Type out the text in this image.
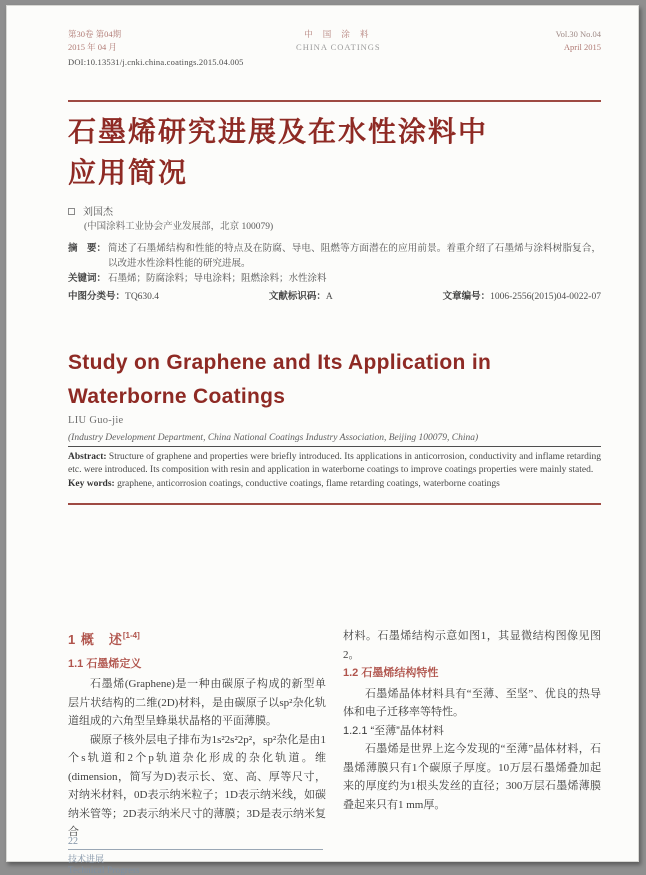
第30卷 第04期
2015 年 04 月
中 国 涂 料
CHINA COATINGS
Vol.30 No.04
April 2015
DOI:10.13531/j.cnki.china.coatings.2015.04.005
石墨烯研究进展及在水性涂料中
应用简况
刘国杰
(中国涂料工业协会产业发展部，北京 100079)
摘　要： 简述了石墨烯结构和性能的特点及在防腐、导电、阻燃等方面潜在的应用前景。着重介绍了石墨烯与涂料树脂复合，以改进水性涂料性能的研究进展。
关键词： 石墨烯；防腐涂料；导电涂料；阻燃涂料；水性涂料
中图分类号：TQ630.4	文献标识码：A	文章编号：1006-2556(2015)04-0022-07
Study on Graphene and Its Application in
Waterborne Coatings
LIU Guo-jie
(Industry Development Department, China National Coatings Industry Association, Beijing 100079, China)
Abstract: Structure of graphene and properties were briefly introduced. Its applications in anticorrosion, conductivity and inflame retarding etc. were introduced. Its composition with resin and application in waterborne coatings to improve coatings properties were mainly stated.
Key words: graphene, anticorrosion coatings, conductive coatings, flame retarding coatings, waterborne coatings
1 概　述[1-4]
1.1 石墨烯定义

石墨烯(Graphene)是一种由碳原子构成的新型单层片状结构的二维(2D)材料，是由碳原子以sp²杂化轨道组成的六角型呈蜂巢状晶格的平面薄膜。

碳原子核外层电子排布为1s²2s²2p²，sp²杂化是由1个s轨道和2个p轨道杂化形成的杂化轨道。维(dimension，简写为D)表示长、宽、高、厚等尺寸，对纳米材料，0D表示纳米粒子；1D表示纳米线，如碳纳米管等；2D表示纳米尺寸的薄膜；3D是表示纳米复合

材料。石墨烯结构示意如图1，其显微结构图像见图2。

1.2 石墨烯结构特性

石墨烯晶体材料具有“至薄、至坚”、优良的热导体和电子迁移率等特性。

1.2.1 “至薄”晶体材料

石墨烯是世界上迄今发现的“至薄”晶体材料，石墨烯薄膜只有1个碳原子厚度。10万层石墨烯叠加起来的厚度约为1根头发丝的直径；300万层石墨烯薄膜叠起来只有1 mm厚。

22
技术进展
Technical Progress
